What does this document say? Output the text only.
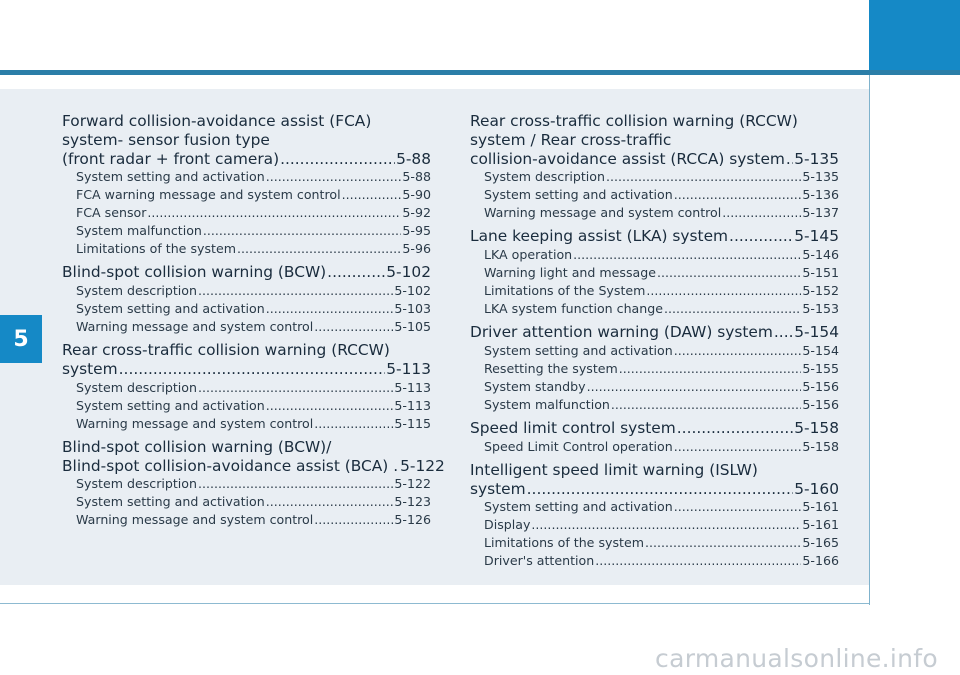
5
Forward collision-avoidance assist (FCA)
system- sensor fusion type
(front radar + front camera) .....	5-88
System setting and activation .....	5-88
FCA warning message and system control .....	5-90
FCA sensor .....	5-92
System malfunction .....	5-95
Limitations of the system .....	5-96
Blind-spot collision warning (BCW) .....	5-102
System description .....	5-102
System setting and activation .....	5-103
Warning message and system control .....	5-105
Rear cross-traffic collision warning (RCCW)
system .....	5-113
System description .....	5-113
System setting and activation .....	5-113
Warning message and system control .....	5-115
Blind-spot collision warning (BCW)/
Blind-spot collision-avoidance assist (BCA) . 5-122
System description .....	5-122
System setting and activation .....	5-123
Warning message and system control .....	5-126
Rear cross-traffic collision warning (RCCW)
system / Rear cross-traffic
collision-avoidance assist (RCCA) system ..... 5-135
System description .....	5-135
System setting and activation .....	5-136
Warning message and system control .....	5-137
Lane keeping assist (LKA) system .....	5-145
LKA operation .....	5-146
Warning light and message .....	5-151
Limitations of the System .....	5-152
LKA system function change .....	5-153
Driver attention warning (DAW) system ..... 5-154
System setting and activation .....	5-154
Resetting the system .....	5-155
System standby .....	5-156
System malfunction .....	5-156
Speed limit control system .....	5-158
Speed Limit Control operation .....	5-158
Intelligent speed limit warning (ISLW)
system .....	5-160
System setting and activation .....	5-161
Display .....	5-161
Limitations of the system .....	5-165
Driver's attention .....	5-166
carmanualsonline.info
